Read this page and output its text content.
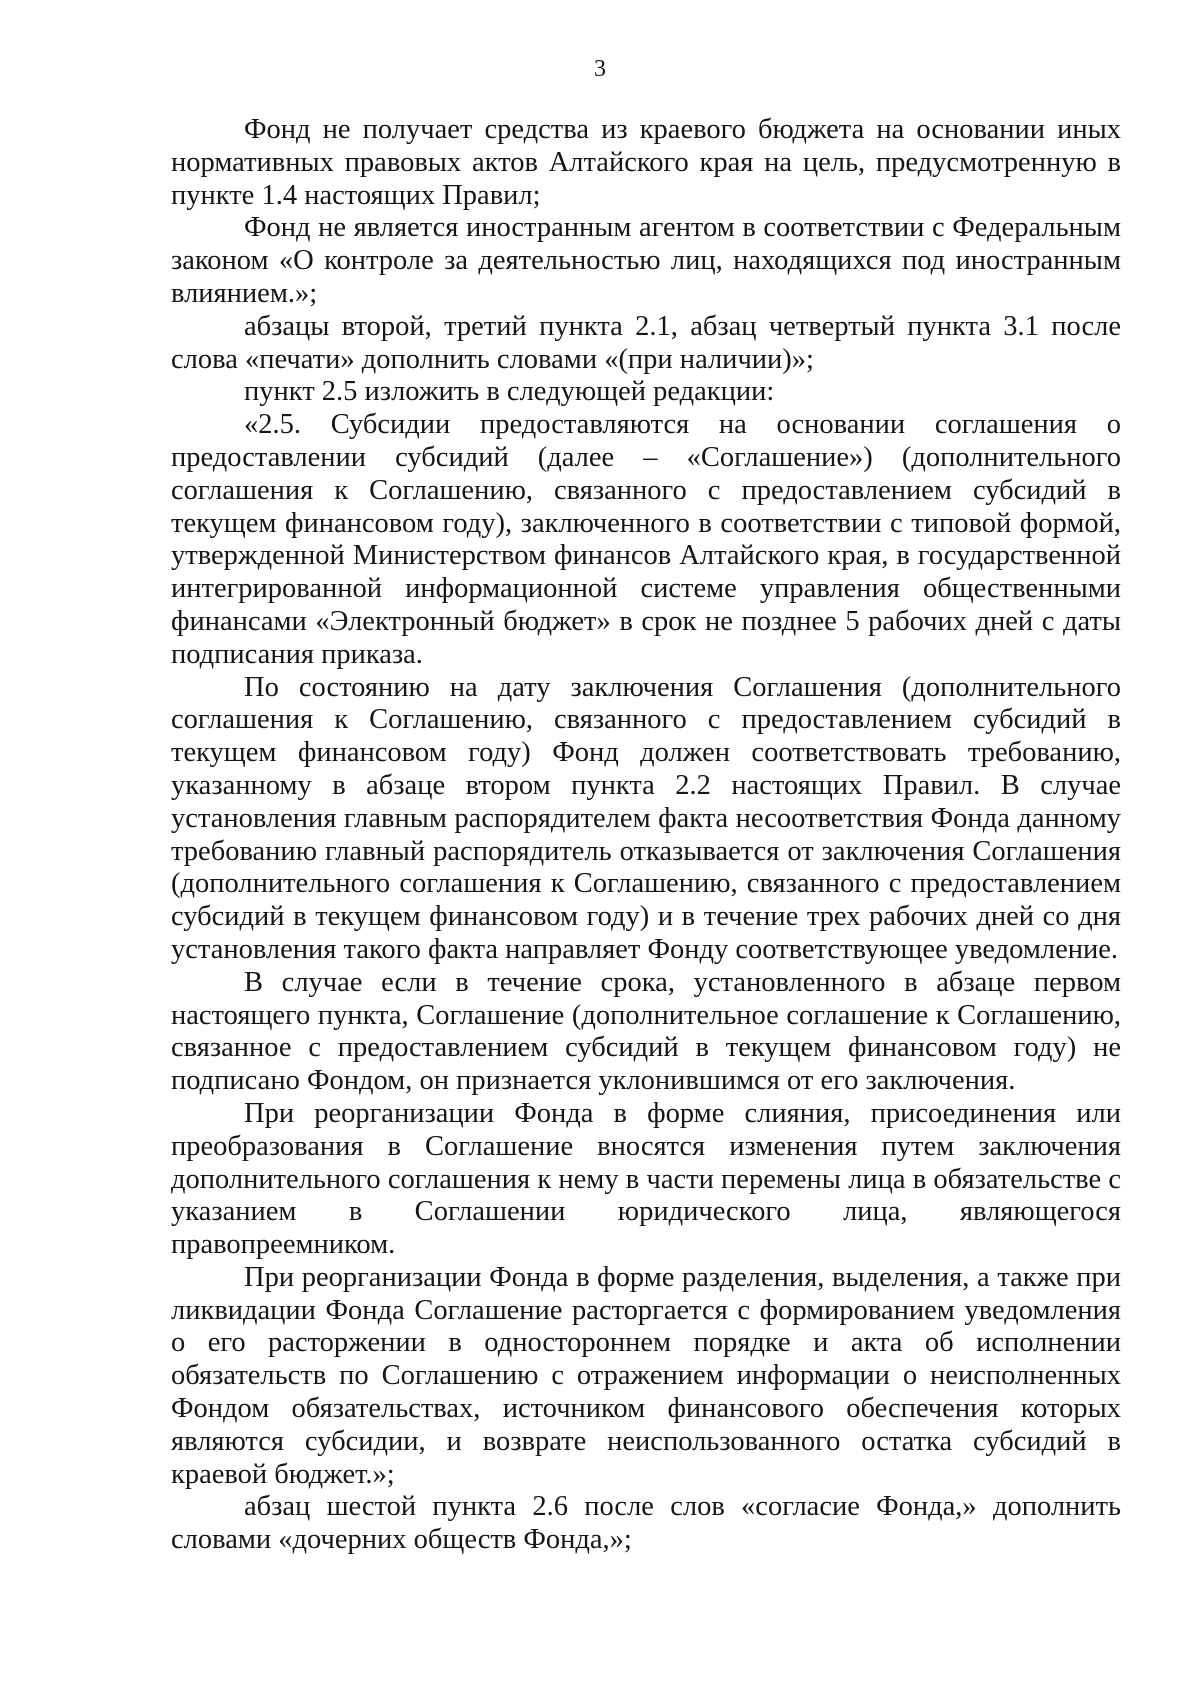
3

Фонд не получает средства из краевого бюджета на основании иных нормативных правовых актов Алтайского края на цель, предусмотренную в пункте 1.4 настоящих Правил;

Фонд не является иностранным агентом в соответствии с Федеральным законом «О контроле за деятельностью лиц, находящихся под иностранным влиянием.»;

абзацы второй, третий пункта 2.1, абзац четвертый пункта 3.1 после слова «печати» дополнить словами «(при наличии)»;

пункт 2.5 изложить в следующей редакции:

«2.5. Субсидии предоставляются на основании соглашения о предоставлении субсидий (далее – «Соглашение») (дополнительного соглашения к Соглашению, связанного с предоставлением субсидий в текущем финансовом году), заключенного в соответствии с типовой формой, утвержденной Министерством финансов Алтайского края, в государственной интегрированной информационной системе управления общественными финансами «Электронный бюджет» в срок не позднее 5 рабочих дней с даты подписания приказа.

По состоянию на дату заключения Соглашения (дополнительного соглашения к Соглашению, связанного с предоставлением субсидий в текущем финансовом году) Фонд должен соответствовать требованию, указанному в абзаце втором пункта 2.2 настоящих Правил. В случае установления главным распорядителем факта несоответствия Фонда данному требованию главный распорядитель отказывается от заключения Соглашения (дополнительного соглашения к Соглашению, связанного с предоставлением субсидий в текущем финансовом году) и в течение трех рабочих дней со дня установления такого факта направляет Фонду соответствующее уведомление.

В случае если в течение срока, установленного в абзаце первом настоящего пункта, Соглашение (дополнительное соглашение к Соглашению, связанное с предоставлением субсидий в текущем финансовом году) не подписано Фондом, он признается уклонившимся от его заключения.

При реорганизации Фонда в форме слияния, присоединения или преобразования в Соглашение вносятся изменения путем заключения дополнительного соглашения к нему в части перемены лица в обязательстве с указанием в Соглашении юридического лица, являющегося правопреемником.

При реорганизации Фонда в форме разделения, выделения, а также при ликвидации Фонда Соглашение расторгается с формированием уведомления о его расторжении в одностороннем порядке и акта об исполнении обязательств по Соглашению с отражением информации о неисполненных Фондом обязательствах, источником финансового обеспечения которых являются субсидии, и возврате неиспользованного остатка субсидий в краевой бюджет.»;

абзац шестой пункта 2.6 после слов «согласие Фонда,» дополнить словами «дочерних обществ Фонда,»;
